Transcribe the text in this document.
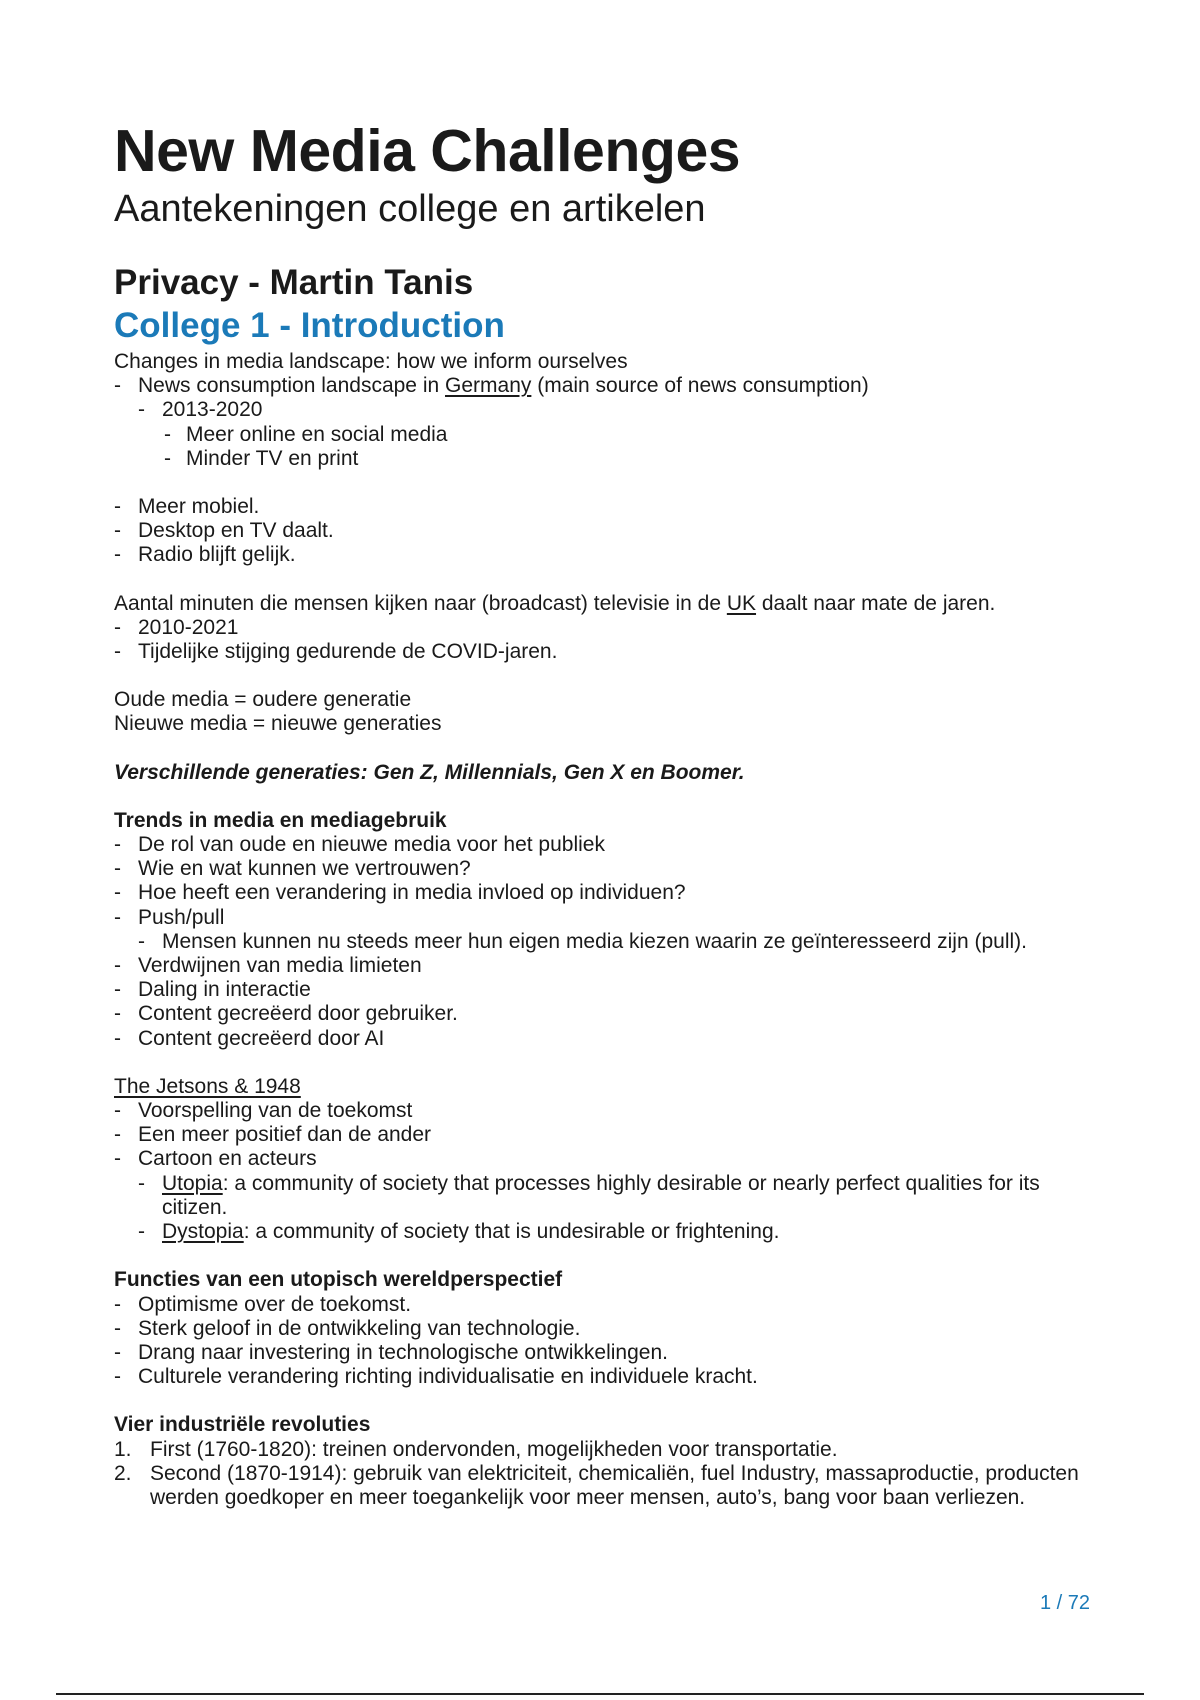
New Media Challenges
Aantekeningen college en artikelen
Privacy - Martin Tanis
College 1 - Introduction
Changes in media landscape: how we inform ourselves
- News consumption landscape in Germany (main source of news consumption)
- 2013-2020
- Meer online en social media
- Minder TV en print
- Meer mobiel.
- Desktop en TV daalt.
- Radio blijft gelijk.
Aantal minuten die mensen kijken naar (broadcast) televisie in de UK daalt naar mate de jaren.
- 2010-2021
- Tijdelijke stijging gedurende de COVID-jaren.
Oude media = oudere generatie
Nieuwe media = nieuwe generaties
Verschillende generaties: Gen Z, Millennials, Gen X en Boomer.
Trends in media en mediagebruik
- De rol van oude en nieuwe media voor het publiek
- Wie en wat kunnen we vertrouwen?
- Hoe heeft een verandering in media invloed op individuen?
- Push/pull
- Mensen kunnen nu steeds meer hun eigen media kiezen waarin ze geïnteresseerd zijn (pull).
- Verdwijnen van media limieten
- Daling in interactie
- Content gecreëerd door gebruiker.
- Content gecreëerd door AI
The Jetsons & 1948
- Voorspelling van de toekomst
- Een meer positief dan de ander
- Cartoon en acteurs
- Utopia: a community of society that processes highly desirable or nearly perfect qualities for its citizen.
- Dystopia: a community of society that is undesirable or frightening.
Functies van een utopisch wereldperspectief
- Optimisme over de toekomst.
- Sterk geloof in de ontwikkeling van technologie.
- Drang naar investering in technologische ontwikkelingen.
- Culturele verandering richting individualisatie en individuele kracht.
Vier industriële revoluties
1. First (1760-1820): treinen ondervonden, mogelijkheden voor transportatie.
2. Second (1870-1914): gebruik van elektriciteit, chemicaliën, fuel Industry, massaproductie, producten werden goedkoper en meer toegankelijk voor meer mensen, auto’s, bang voor baan verliezen.
1 / 72
